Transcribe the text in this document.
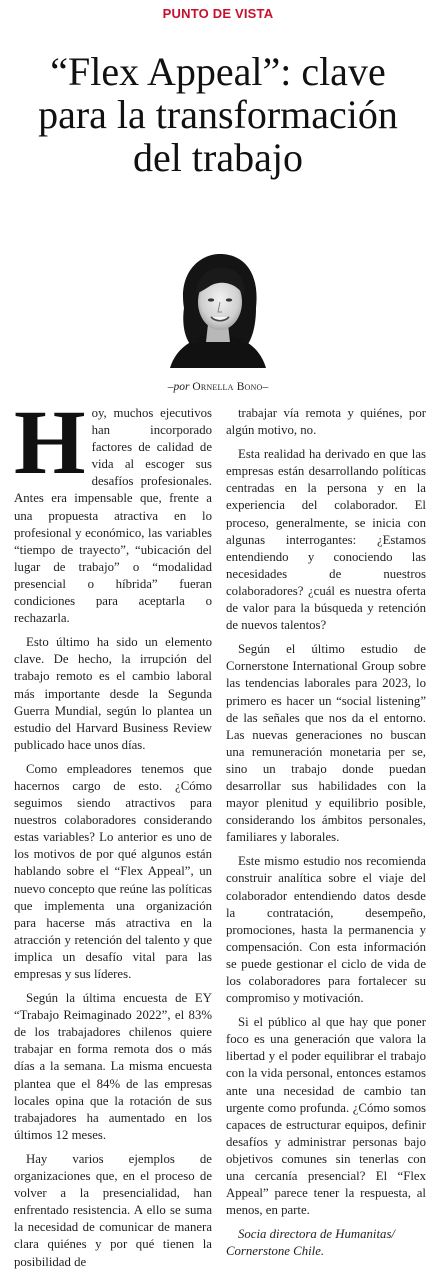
PUNTO DE VISTA
“Flex Appeal”: clave
para la transformación
del trabajo
–por Ornella Bono–

Hoy, muchos ejecutivos han incorporado factores de calidad de vida al escoger sus desafíos profesionales. Antes era impensable que, frente a una propuesta atractiva en lo profesional y económico, las variables “tiempo de trayecto”, “ubicación del lugar de trabajo” o “modalidad presencial o híbrida” fueran condiciones para aceptarla o rechazarla.

Esto último ha sido un elemento clave. De hecho, la irrupción del trabajo remoto es el cambio laboral más importante desde la Segunda Guerra Mundial, según lo plantea un estudio del Harvard Business Review publicado hace unos días.

Como empleadores tenemos que hacernos cargo de esto. ¿Cómo seguimos siendo atractivos para nuestros colaboradores considerando estas variables? Lo anterior es uno de los motivos de por qué algunos están hablando sobre el “Flex Appeal”, un nuevo concepto que reúne las políticas que implementa una organización para hacerse más atractiva en la atracción y retención del talento y que implica un desafío vital para las empresas y sus líderes.

Según la última encuesta de EY “Trabajo Reimaginado 2022”, el 83% de los trabajadores chilenos quiere trabajar en forma remota dos o más días a la semana. La misma encuesta plantea que el 84% de las empresas locales opina que la rotación de sus trabajadores ha aumentado en los últimos 12 meses.

Hay varios ejemplos de organizaciones que, en el proceso de volver a la presencialidad, han enfrentado resistencia. A ello se suma la necesidad de comunicar de manera clara quiénes y por qué tienen la posibilidad de

trabajar vía remota y quiénes, por algún motivo, no.

Esta realidad ha derivado en que las empresas están desarrollando políticas centradas en la persona y en la experiencia del colaborador. El proceso, generalmente, se inicia con algunas interrogantes: ¿Estamos entendiendo y conociendo las necesidades de nuestros colaboradores? ¿cuál es nuestra oferta de valor para la búsqueda y retención de nuevos talentos?

Según el último estudio de Cornerstone International Group sobre las tendencias laborales para 2023, lo primero es hacer un “social listening” de las señales que nos da el entorno. Las nuevas generaciones no buscan una remuneración monetaria per se, sino un trabajo donde puedan desarrollar sus habilidades con la mayor plenitud y equilibrio posible, considerando los ámbitos personales, familiares y laborales.

Este mismo estudio nos recomienda construir analítica sobre el viaje del colaborador entendiendo datos desde la contratación, desempeño, promociones, hasta la permanencia y compensación. Con esta información se puede gestionar el ciclo de vida de los colaboradores para fortalecer su compromiso y motivación.

Si el público al que hay que poner foco es una generación que valora la libertad y el poder equilibrar el trabajo con la vida personal, entonces estamos ante una necesidad de cambio tan urgente como profunda. ¿Cómo somos capaces de estructurar equipos, definir desafíos y administrar personas bajo objetivos comunes sin tenerlas con una cercanía presencial? El “Flex Appeal” parece tener la respuesta, al menos, en parte.

Socia directora de Humanitas/ Cornerstone Chile.
